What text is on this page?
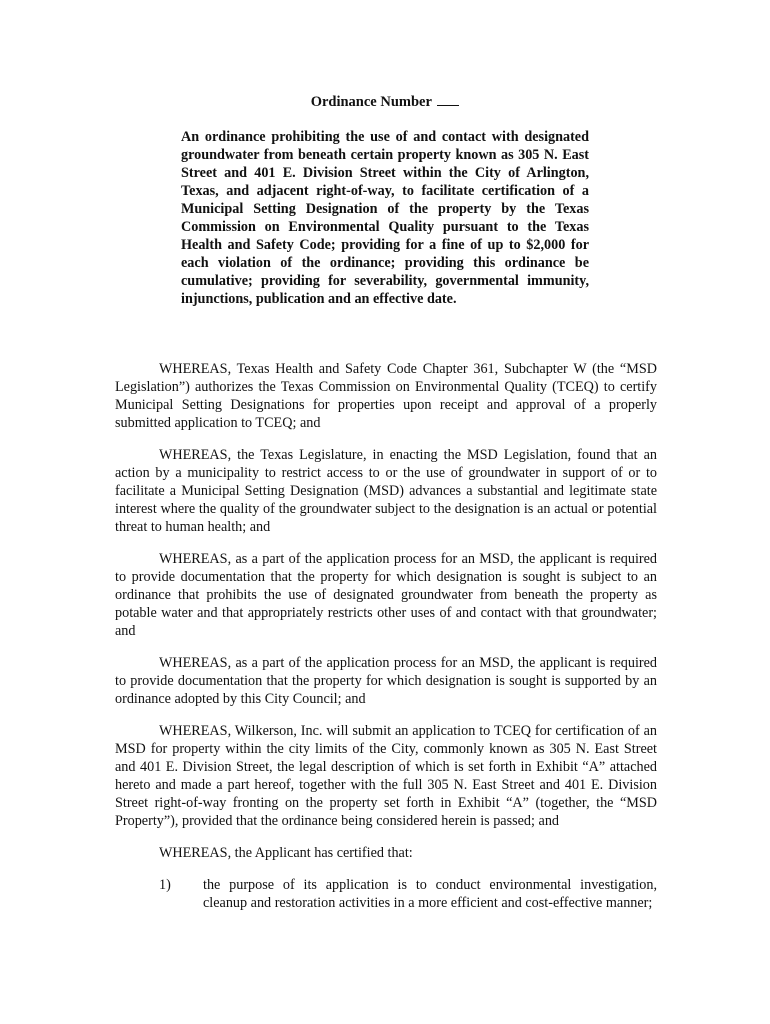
Ordinance Number
An ordinance prohibiting the use of and contact with designated groundwater from beneath certain property known as 305 N. East Street and 401 E. Division Street within the City of Arlington, Texas, and adjacent right-of-way, to facilitate certification of a Municipal Setting Designation of the property by the Texas Commission on Environmental Quality pursuant to the Texas Health and Safety Code; providing for a fine of up to $2,000 for each violation of the ordinance; providing this ordinance be cumulative; providing for severability, governmental immunity, injunctions, publication and an effective date.

WHEREAS, Texas Health and Safety Code Chapter 361, Subchapter W (the “MSD Legislation”) authorizes the Texas Commission on Environmental Quality (TCEQ) to certify Municipal Setting Designations for properties upon receipt and approval of a properly submitted application to TCEQ; and

WHEREAS, the Texas Legislature, in enacting the MSD Legislation, found that an action by a municipality to restrict access to or the use of groundwater in support of or to facilitate a Municipal Setting Designation (MSD) advances a substantial and legitimate state interest where the quality of the groundwater subject to the designation is an actual or potential threat to human health; and

WHEREAS, as a part of the application process for an MSD, the applicant is required to provide documentation that the property for which designation is sought is subject to an ordinance that prohibits the use of designated groundwater from beneath the property as potable water and that appropriately restricts other uses of and contact with that groundwater; and

WHEREAS, as a part of the application process for an MSD, the applicant is required to provide documentation that the property for which designation is sought is supported by an ordinance adopted by this City Council; and

WHEREAS, Wilkerson, Inc. will submit an application to TCEQ for certification of an MSD for property within the city limits of the City, commonly known as 305 N. East Street and 401 E. Division Street, the legal description of which is set forth in Exhibit “A” attached hereto and made a part hereof, together with the full 305 N. East Street and 401 E. Division Street right-of-way fronting on the property set forth in Exhibit “A” (together, the “MSD Property”), provided that the ordinance being considered herein is passed; and

WHEREAS, the Applicant has certified that:

1)	the purpose of its application is to conduct environmental investigation, cleanup and restoration activities in a more efficient and cost-effective manner;
